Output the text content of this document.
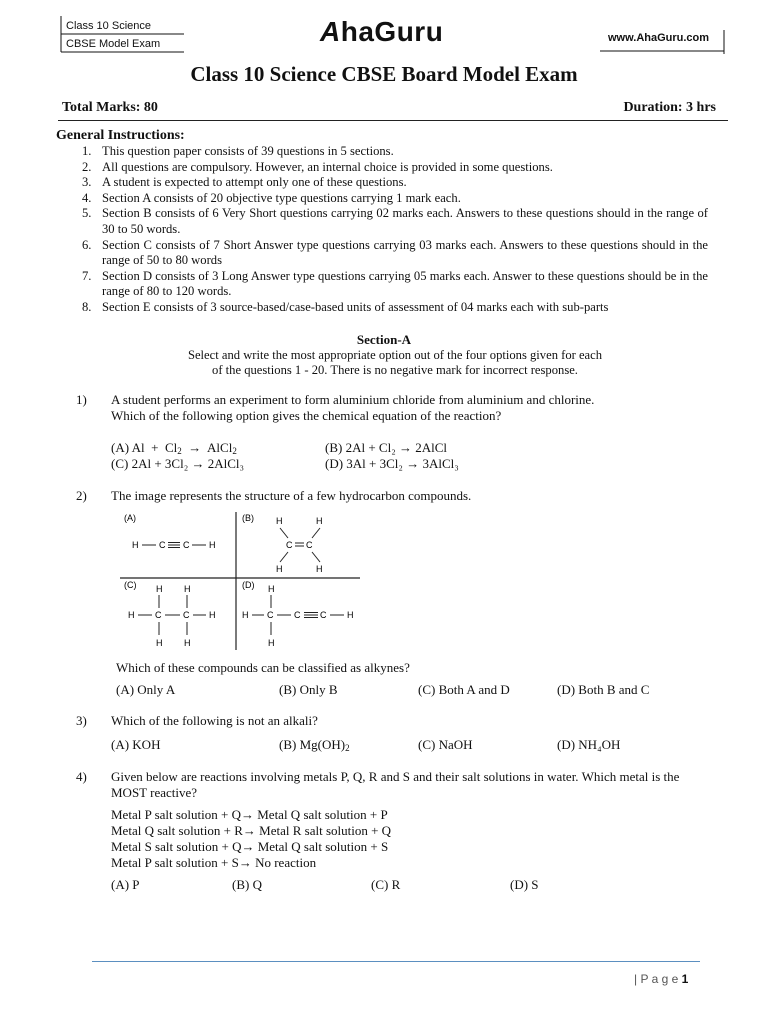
Class 10 Science
CBSE Model Exam	AhaGuru	www.AhaGuru.com
Class 10 Science CBSE Board Model Exam
Total Marks: 80	Duration: 3 hrs
General Instructions:
1. This question paper consists of 39 questions in 5 sections.
2. All questions are compulsory. However, an internal choice is provided in some questions.
3. A student is expected to attempt only one of these questions.
4. Section A consists of 20 objective type questions carrying 1 mark each.
5. Section B consists of 6 Very Short questions carrying 02 marks each. Answers to these questions should in the range of 30 to 50 words.
6. Section C consists of 7 Short Answer type questions carrying 03 marks each. Answers to these questions should in the range of 50 to 80 words
7. Section D consists of 3 Long Answer type questions carrying 05 marks each. Answer to these questions should be in the range of 80 to 120 words.
8. Section E consists of 3 source-based/case-based units of assessment of 04 marks each with sub-parts
Section-A
Select and write the most appropriate option out of the four options given for each
of the questions 1 - 20. There is no negative mark for incorrect response.
1) A student performs an experiment to form aluminium chloride from aluminium and chlorine. Which of the following option gives the chemical equation of the reaction?
(A) $Al + Cl_2$ → AlCl$_2$	(B) 2Al + Cl₂ → 2AlCl
(C) 2Al + 3Cl₂ → 2AlCl₃	(D) 3Al + 3Cl₂ → 3AlCl₃
2) The image represents the structure of a few hydrocarbon compounds.
(A)
H C C H
(B) H	H
C C
H	H
(C) H H
H C C H
H H
(D) H
H C C C H
H
Which of these compounds can be classified as alkynes?
(A) Only A	(B) Only B	(C) Both A and D	(D) Both B and C
3) Which of the following is not an alkali?
(A) KOH	(B) $Mg(OH)_2$	(C) NaOH	(D) NH₄OH
4) Given below are reactions involving metals P, Q, R and S and their salt solutions in water. Which metal is the MOST reactive?
Metal P salt solution + Q→ Metal Q salt solution + P
Metal Q salt solution + R→ Metal R salt solution + Q
Metal S salt solution + Q→ Metal Q salt solution + S
Metal P salt solution + S→ No reaction
(A) P	(B) Q	(C) R	(D) S
| P a g e 1
